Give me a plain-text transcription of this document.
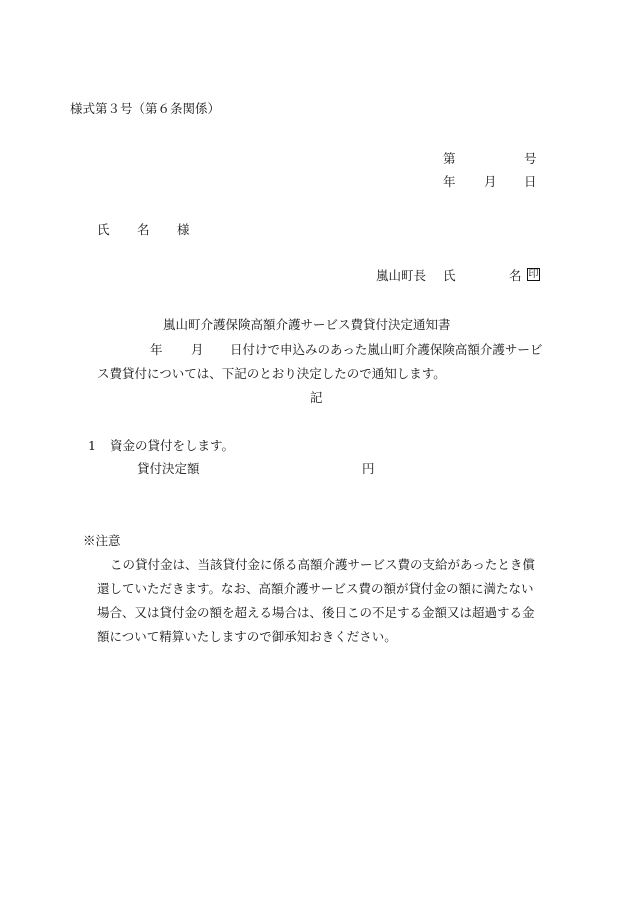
様式第３号（第６条関係）
第	号
年 月 日
氏 名 様
嵐山町長 氏	名 印
嵐山町介護保険高額介護サービス費貸付決定通知書
年 月 日付けで申込みのあった嵐山町介護保険高額介護サービ
ス費貸付については、下記のとおり決定したので通知します。
記
1 資金の貸付をします。
貸付決定額	円
※注意
この貸付金は、当該貸付金に係る高額介護サービス費の支給があったとき償
還していただきます。なお、高額介護サービス費の額が貸付金の額に満たない
場合、又は貸付金の額を超える場合は、後日この不足する金額又は超過する金
額について精算いたしますので御承知おきください。
